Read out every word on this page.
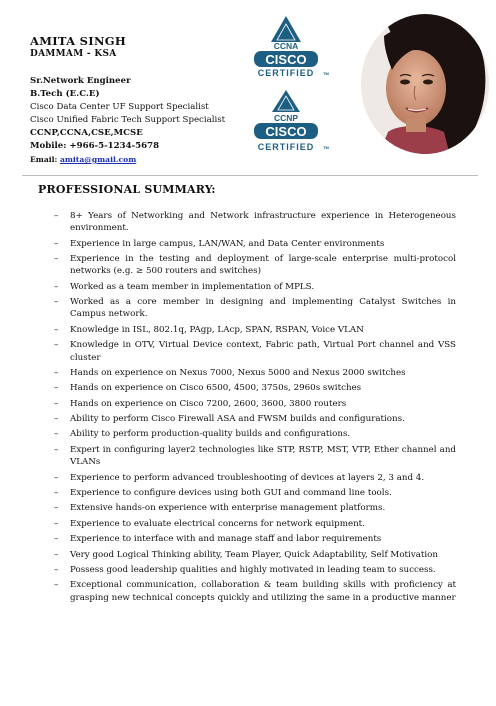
AMITA SINGH
DAMMAM - KSA
Sr.Network Engineer
B.Tech (E.C.E)
Cisco Data Center UF Support Specialist
Cisco Unified Fabric Tech Support Specialist
CCNP,CCNA,CSE,MCSE
Mobile: +966-5-1234-5678
Email: amita@gmail.com
CCNA
CISCO
CERTIFIED TM
CCNP
CISCO
CERTIFIED TM
PROFESSIONAL SUMMARY:
– 8+ Years of Networking and Network infrastructure experience in Heterogeneous environment.
– Experience in large campus, LAN/WAN, and Data Center environments
– Experience in the testing and deployment of large-scale enterprise multi-protocol networks (e.g. ≥ 500 routers and switches)
– Worked as a team member in implementation of MPLS.
– Worked as a core member in designing and implementing Catalyst Switches in Campus network.
– Knowledge in ISL, 802.1q, PAgp, LAcp, SPAN, RSPAN, Voice VLAN
– Knowledge in OTV, Virtual Device context, Fabric path, Virtual Port channel and VSS cluster
– Hands on experience on Nexus 7000, Nexus 5000 and Nexus 2000 switches
– Hands on experience on Cisco 6500, 4500, 3750s, 2960s switches
– Hands on experience on Cisco 7200, 2600, 3600, 3800 routers
– Ability to perform Cisco Firewall ASA and FWSM builds and configurations.
– Ability to perform production-quality builds and configurations.
– Expert in configuring layer2 technologies like STP, RSTP, MST, VTP, Ether channel and VLANs
– Experience to perform advanced troubleshooting of devices at layers 2, 3 and 4.
– Experience to configure devices using both GUI and command line tools.
– Extensive hands-on experience with enterprise management platforms.
– Experience to evaluate electrical concerns for network equipment.
– Experience to interface with and manage staff and labor requirements
– Very good Logical Thinking ability, Team Player, Quick Adaptability, Self Motivation
– Possess good leadership qualities and highly motivated in leading team to success.
– Exceptional communication, collaboration & team building skills with proficiency at grasping new technical concepts quickly and utilizing the same in a productive manner
